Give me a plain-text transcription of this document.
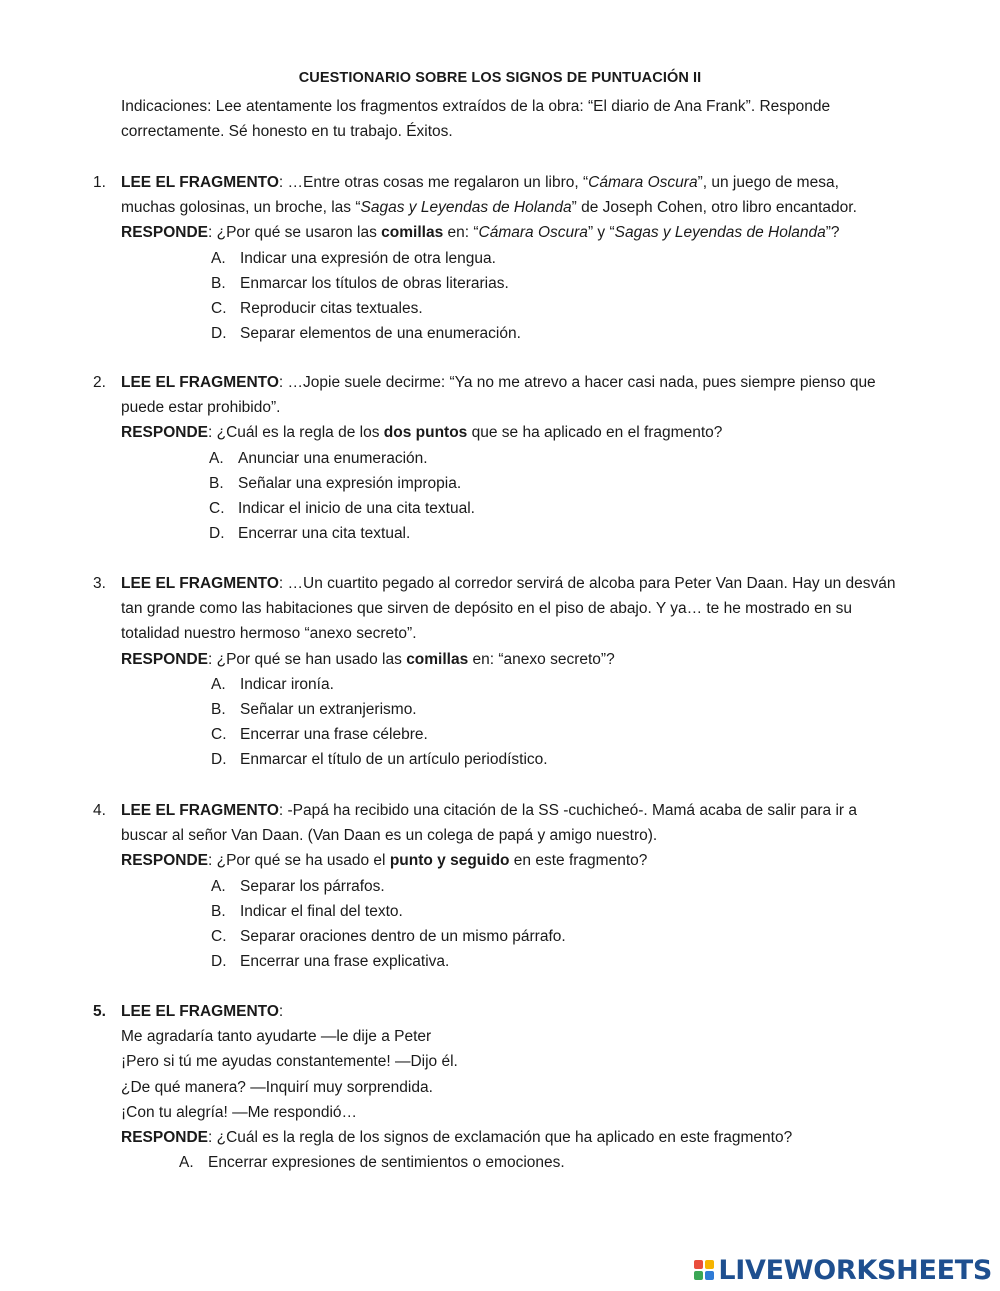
CUESTIONARIO SOBRE LOS SIGNOS DE PUNTUACIÓN II
Indicaciones: Lee atentamente los fragmentos extraídos de la obra: “El diario de Ana Frank”. Responde
correctamente. Sé honesto en tu trabajo. Éxitos.
1. LEE EL FRAGMENTO: …Entre otras cosas me regalaron un libro, “Cámara Oscura”, un juego de mesa,
muchas golosinas, un broche, las “Sagas y Leyendas de Holanda” de Joseph Cohen, otro libro encantador.
RESPONDE: ¿Por qué se usaron las comillas en: “Cámara Oscura” y “Sagas y Leyendas de Holanda”?
A. Indicar una expresión de otra lengua.

B. Enmarcar los títulos de obras literarias.

C. Reproducir citas textuales.

D. Separar elementos de una enumeración.

2. LEE EL FRAGMENTO: …Jopie suele decirme: “Ya no me atrevo a hacer casi nada, pues siempre pienso que
puede estar prohibido”.
RESPONDE: ¿Cuál es la regla de los dos puntos que se ha aplicado en el fragmento?
A. Anunciar una enumeración.

B. Señalar una expresión impropia.

C. Indicar el inicio de una cita textual.

D. Encerrar una cita textual.

3. LEE EL FRAGMENTO: …Un cuartito pegado al corredor servirá de alcoba para Peter Van Daan. Hay un desván
tan grande como las habitaciones que sirven de depósito en el piso de abajo. Y ya… te he mostrado en su
totalidad nuestro hermoso “anexo secreto”.
RESPONDE: ¿Por qué se han usado las comillas en: “anexo secreto”?
A. Indicar ironía.

B. Señalar un extranjerismo.

C. Encerrar una frase célebre.

D. Enmarcar el título de un artículo periodístico.

4. LEE EL FRAGMENTO: -Papá ha recibido una citación de la SS -cuchicheó-. Mamá acaba de salir para ir a
buscar al señor Van Daan. (Van Daan es un colega de papá y amigo nuestro).
RESPONDE: ¿Por qué se ha usado el punto y seguido en este fragmento?
A. Separar los párrafos.

B. Indicar el final del texto.

C. Separar oraciones dentro de un mismo párrafo.

D. Encerrar una frase explicativa.

5. LEE EL FRAGMENTO:
Me agradaría tanto ayudarte —le dije a Peter
¡Pero si tú me ayudas constantemente! —Dijo él.
¿De qué manera? —Inquirí muy sorprendida.
¡Con tu alegría! —Me respondió…
RESPONDE: ¿Cuál es la regla de los signos de exclamación que ha aplicado en este fragmento?
A. Encerrar expresiones de sentimientos o emociones.

LIVEWORKSHEETS
